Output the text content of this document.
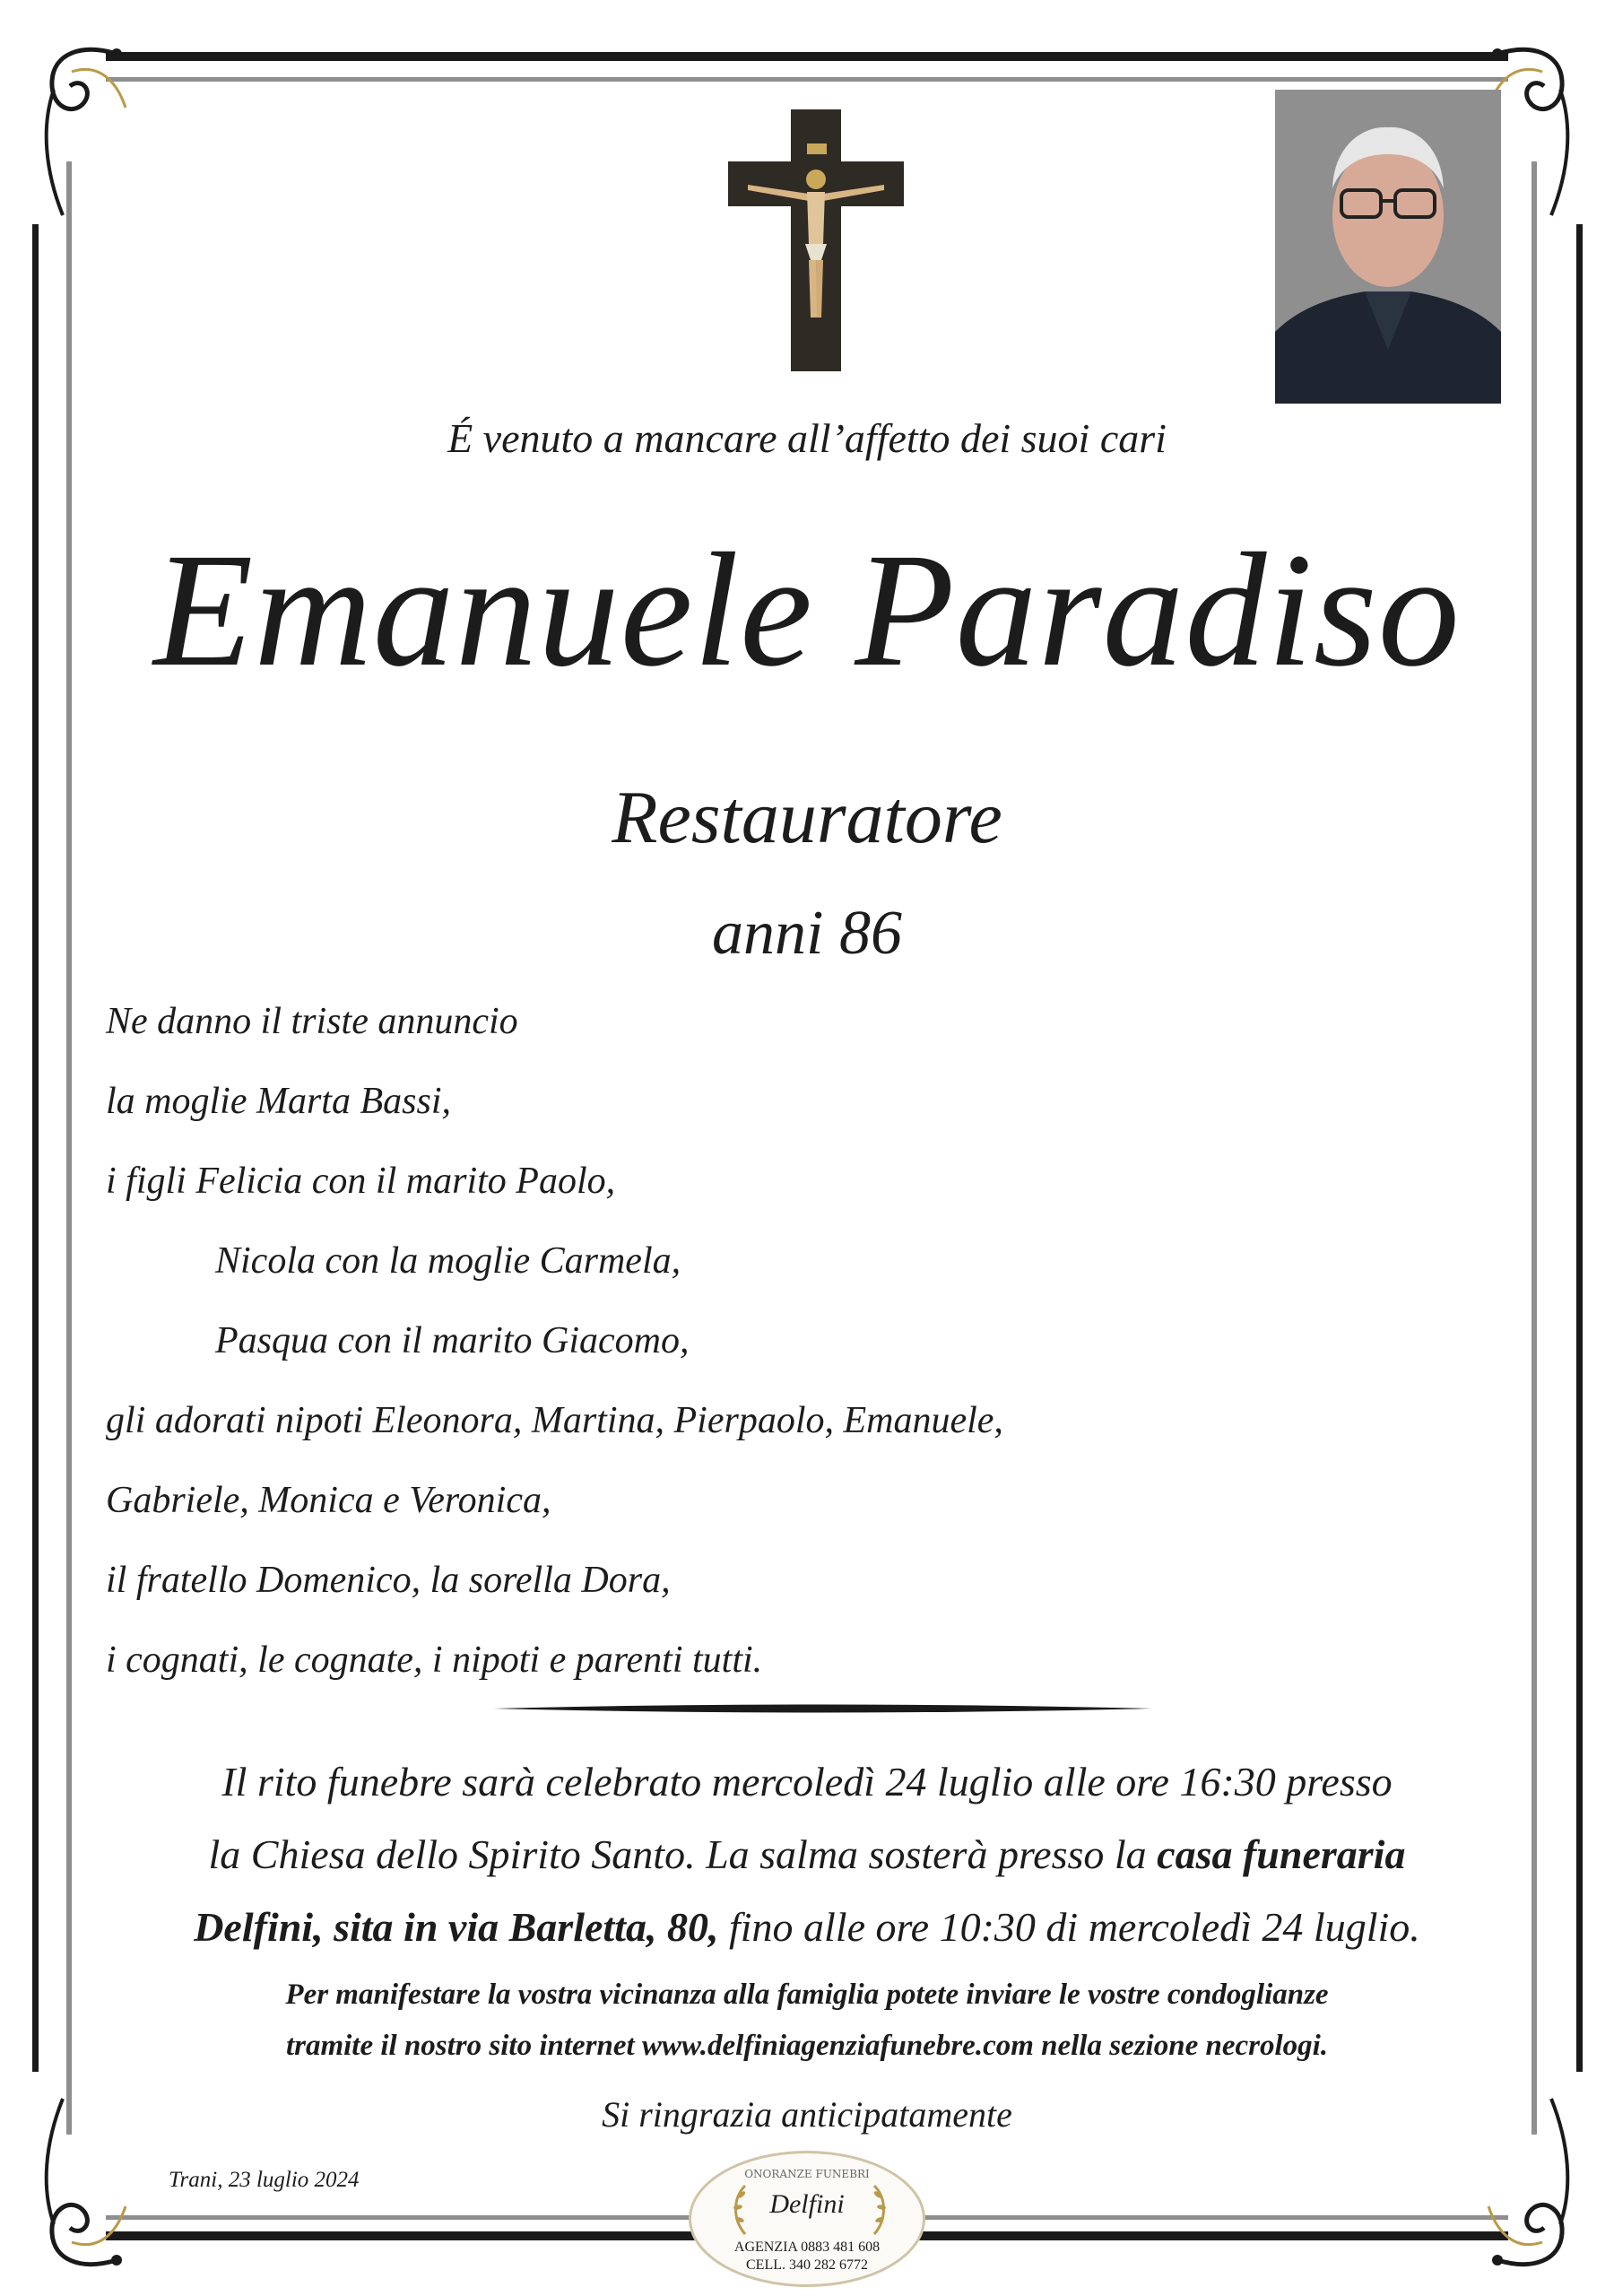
É venuto a mancare all’affetto dei suoi cari
Emanuele Paradiso
Restauratore
anni 86
Ne danno il triste annuncio
la moglie Marta Bassi,
i figli Felicia con il marito Paolo,
Nicola con la moglie Carmela,
Pasqua con il marito Giacomo,
gli adorati nipoti Eleonora, Martina, Pierpaolo, Emanuele,
Gabriele, Monica e Veronica,
il fratello Domenico, la sorella Dora,
i cognati, le cognate, i nipoti e parenti tutti.
Il rito funebre sarà celebrato mercoledì 24 luglio alle ore 16:30 presso
la Chiesa dello Spirito Santo. La salma sosterà presso la casa funeraria
Delfini, sita in via Barletta, 80, fino alle ore 10:30 di mercoledì 24 luglio.
Per manifestare la vostra vicinanza alla famiglia potete inviare le vostre condoglianze
tramite il nostro sito internet www.delfiniagenziafunebre.com nella sezione necrologi.
Si ringrazia anticipatamente
Trani, 23 luglio 2024	ONORANZE FUNEBRI
Delfini
AGENZIA 0883 481 608
CELL. 340 282 6772
